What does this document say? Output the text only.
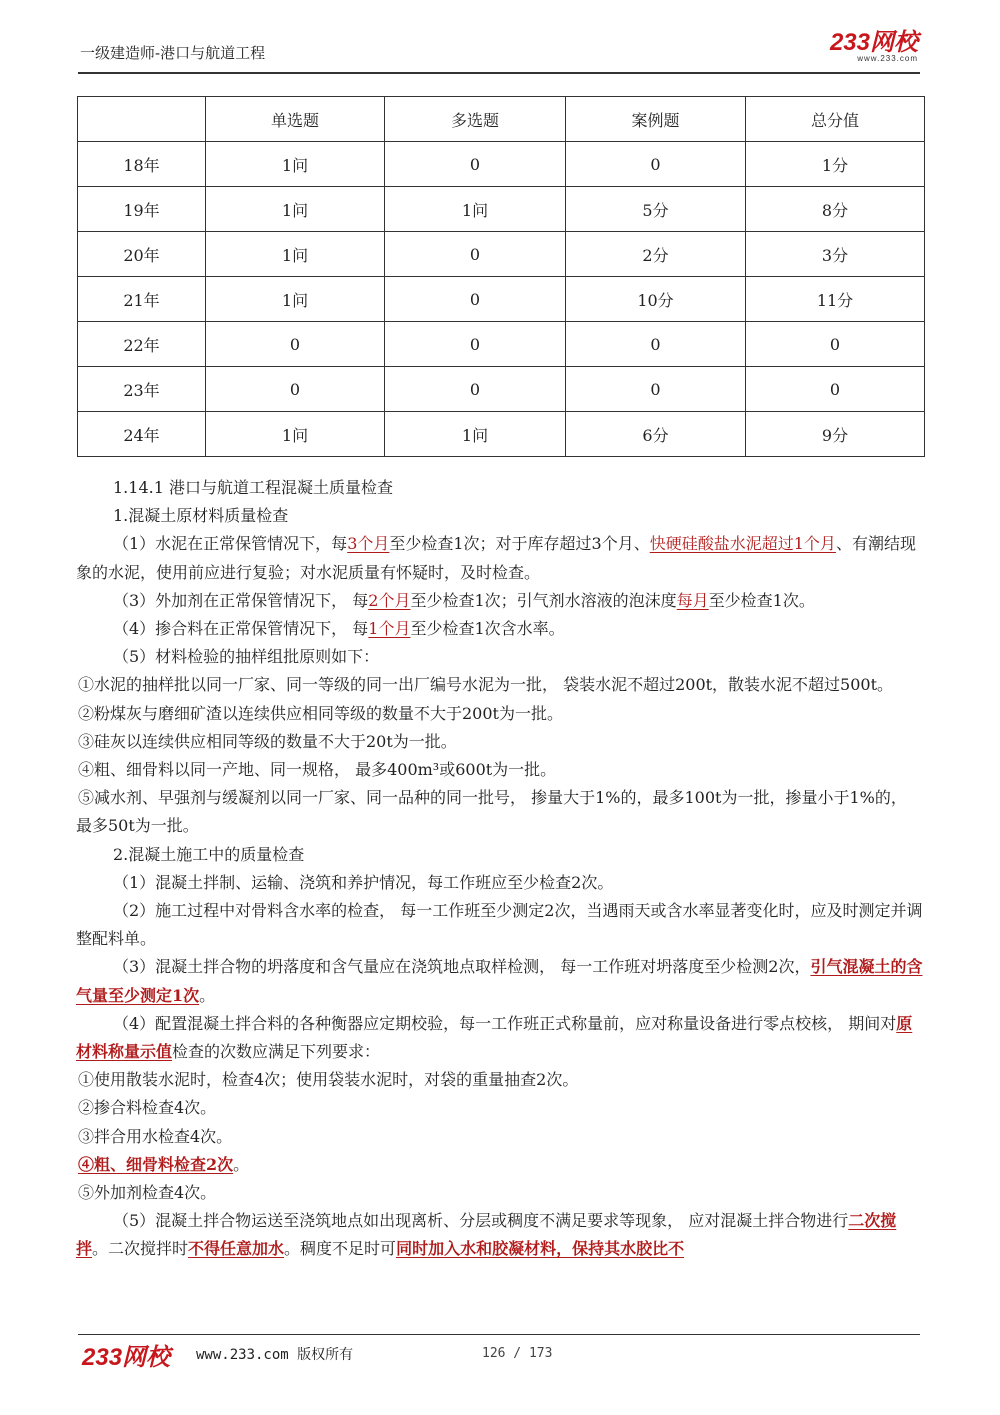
一级建造师-港口与航道工程	233网校
www.233.com
	单选题	多选题	案例题	总分值
18年	1问	0	0	1分
19年	1问	1问	5分	8分
20年	1问	0	2分	3分
21年	1问	0	10分	11分
22年	0	0	0	0
23年	0	0	0	0
24年	1问	1问	6分	9分

1.14.1 港口与航道工程混凝土质量检查

1.混凝土原材料质量检查

（1）水泥在正常保管情况下，每3个月至少检查1次；对于库存超过3个月、快硬硅酸盐水泥超过1个月、有潮结现象的水泥，使用前应进行复验；对水泥质量有怀疑时，及时检查。

（3）外加剂在正常保管情况下， 每2个月至少检查1次；引气剂水溶液的泡沫度每月至少检查1次。

（4）掺合料在正常保管情况下， 每1个月至少检查1次含水率。

（5）材料检验的抽样组批原则如下：

①水泥的抽样批以同一厂家、同一等级的同一出厂编号水泥为一批， 袋装水泥不超过200t，散装水泥不超过500t。

②粉煤灰与磨细矿渣以连续供应相同等级的数量不大于200t为一批。

③硅灰以连续供应相同等级的数量不大于20t为一批。

④粗、细骨料以同一产地、同一规格， 最多400m³或600t为一批。

⑤减水剂、早强剂与缓凝剂以同一厂家、同一品种的同一批号， 掺量大于1%的，最多100t为一批，掺量小于1%的， 最多50t为一批。

2.混凝土施工中的质量检查

（1）混凝土拌制、运输、浇筑和养护情况，每工作班应至少检查2次。

（2）施工过程中对骨料含水率的检查， 每一工作班至少测定2次，当遇雨天或含水率显著变化时，应及时测定并调整配料单。

（3）混凝土拌合物的坍落度和含气量应在浇筑地点取样检测， 每一工作班对坍落度至少检测2次，引气混凝土的含气量至少测定1次。

（4）配置混凝土拌合料的各种衡器应定期校验，每一工作班正式称量前，应对称量设备进行零点校核， 期间对原材料称量示值检查的次数应满足下列要求：

①使用散装水泥时，检查4次；使用袋装水泥时，对袋的重量抽查2次。

②掺合料检查4次。

③拌合用水检查4次。

④粗、细骨料检查2次。

⑤外加剂检查4次。

（5）混凝土拌合物运送至浇筑地点如出现离析、分层或稠度不满足要求等现象， 应对混凝土拌合物进行二次搅拌。二次搅拌时不得任意加水。稠度不足时可同时加入水和胶凝材料，保持其水胶比不

233网校 www.233.com 版权所有	126 / 173
